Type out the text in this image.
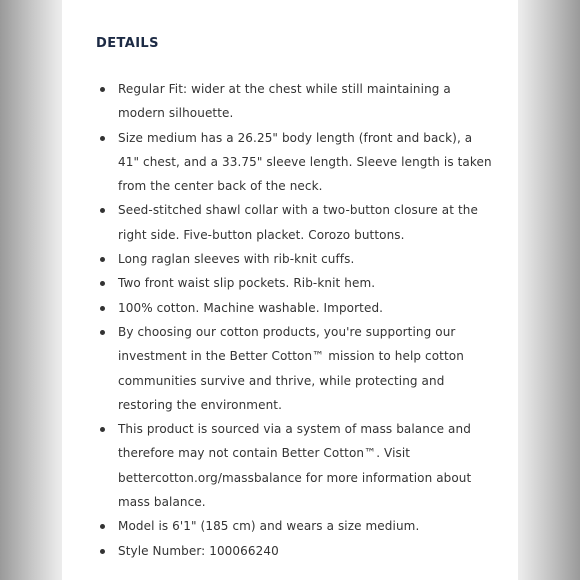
DETAILS
Regular Fit: wider at the chest while still maintaining a modern silhouette.
Size medium has a 26.25" body length (front and back), a 41" chest, and a 33.75" sleeve length. Sleeve length is taken from the center back of the neck.
Seed-stitched shawl collar with a two-button closure at the right side. Five-button placket. Corozo buttons.
Long raglan sleeves with rib-knit cuffs.
Two front waist slip pockets. Rib-knit hem.
100% cotton. Machine washable. Imported.
By choosing our cotton products, you're supporting our investment in the Better Cotton™ mission to help cotton communities survive and thrive, while protecting and restoring the environment.
This product is sourced via a system of mass balance and therefore may not contain Better Cotton™. Visit bettercotton.org/massbalance for more information about mass balance.
Model is 6'1" (185 cm) and wears a size medium.
Style Number: 100066240
